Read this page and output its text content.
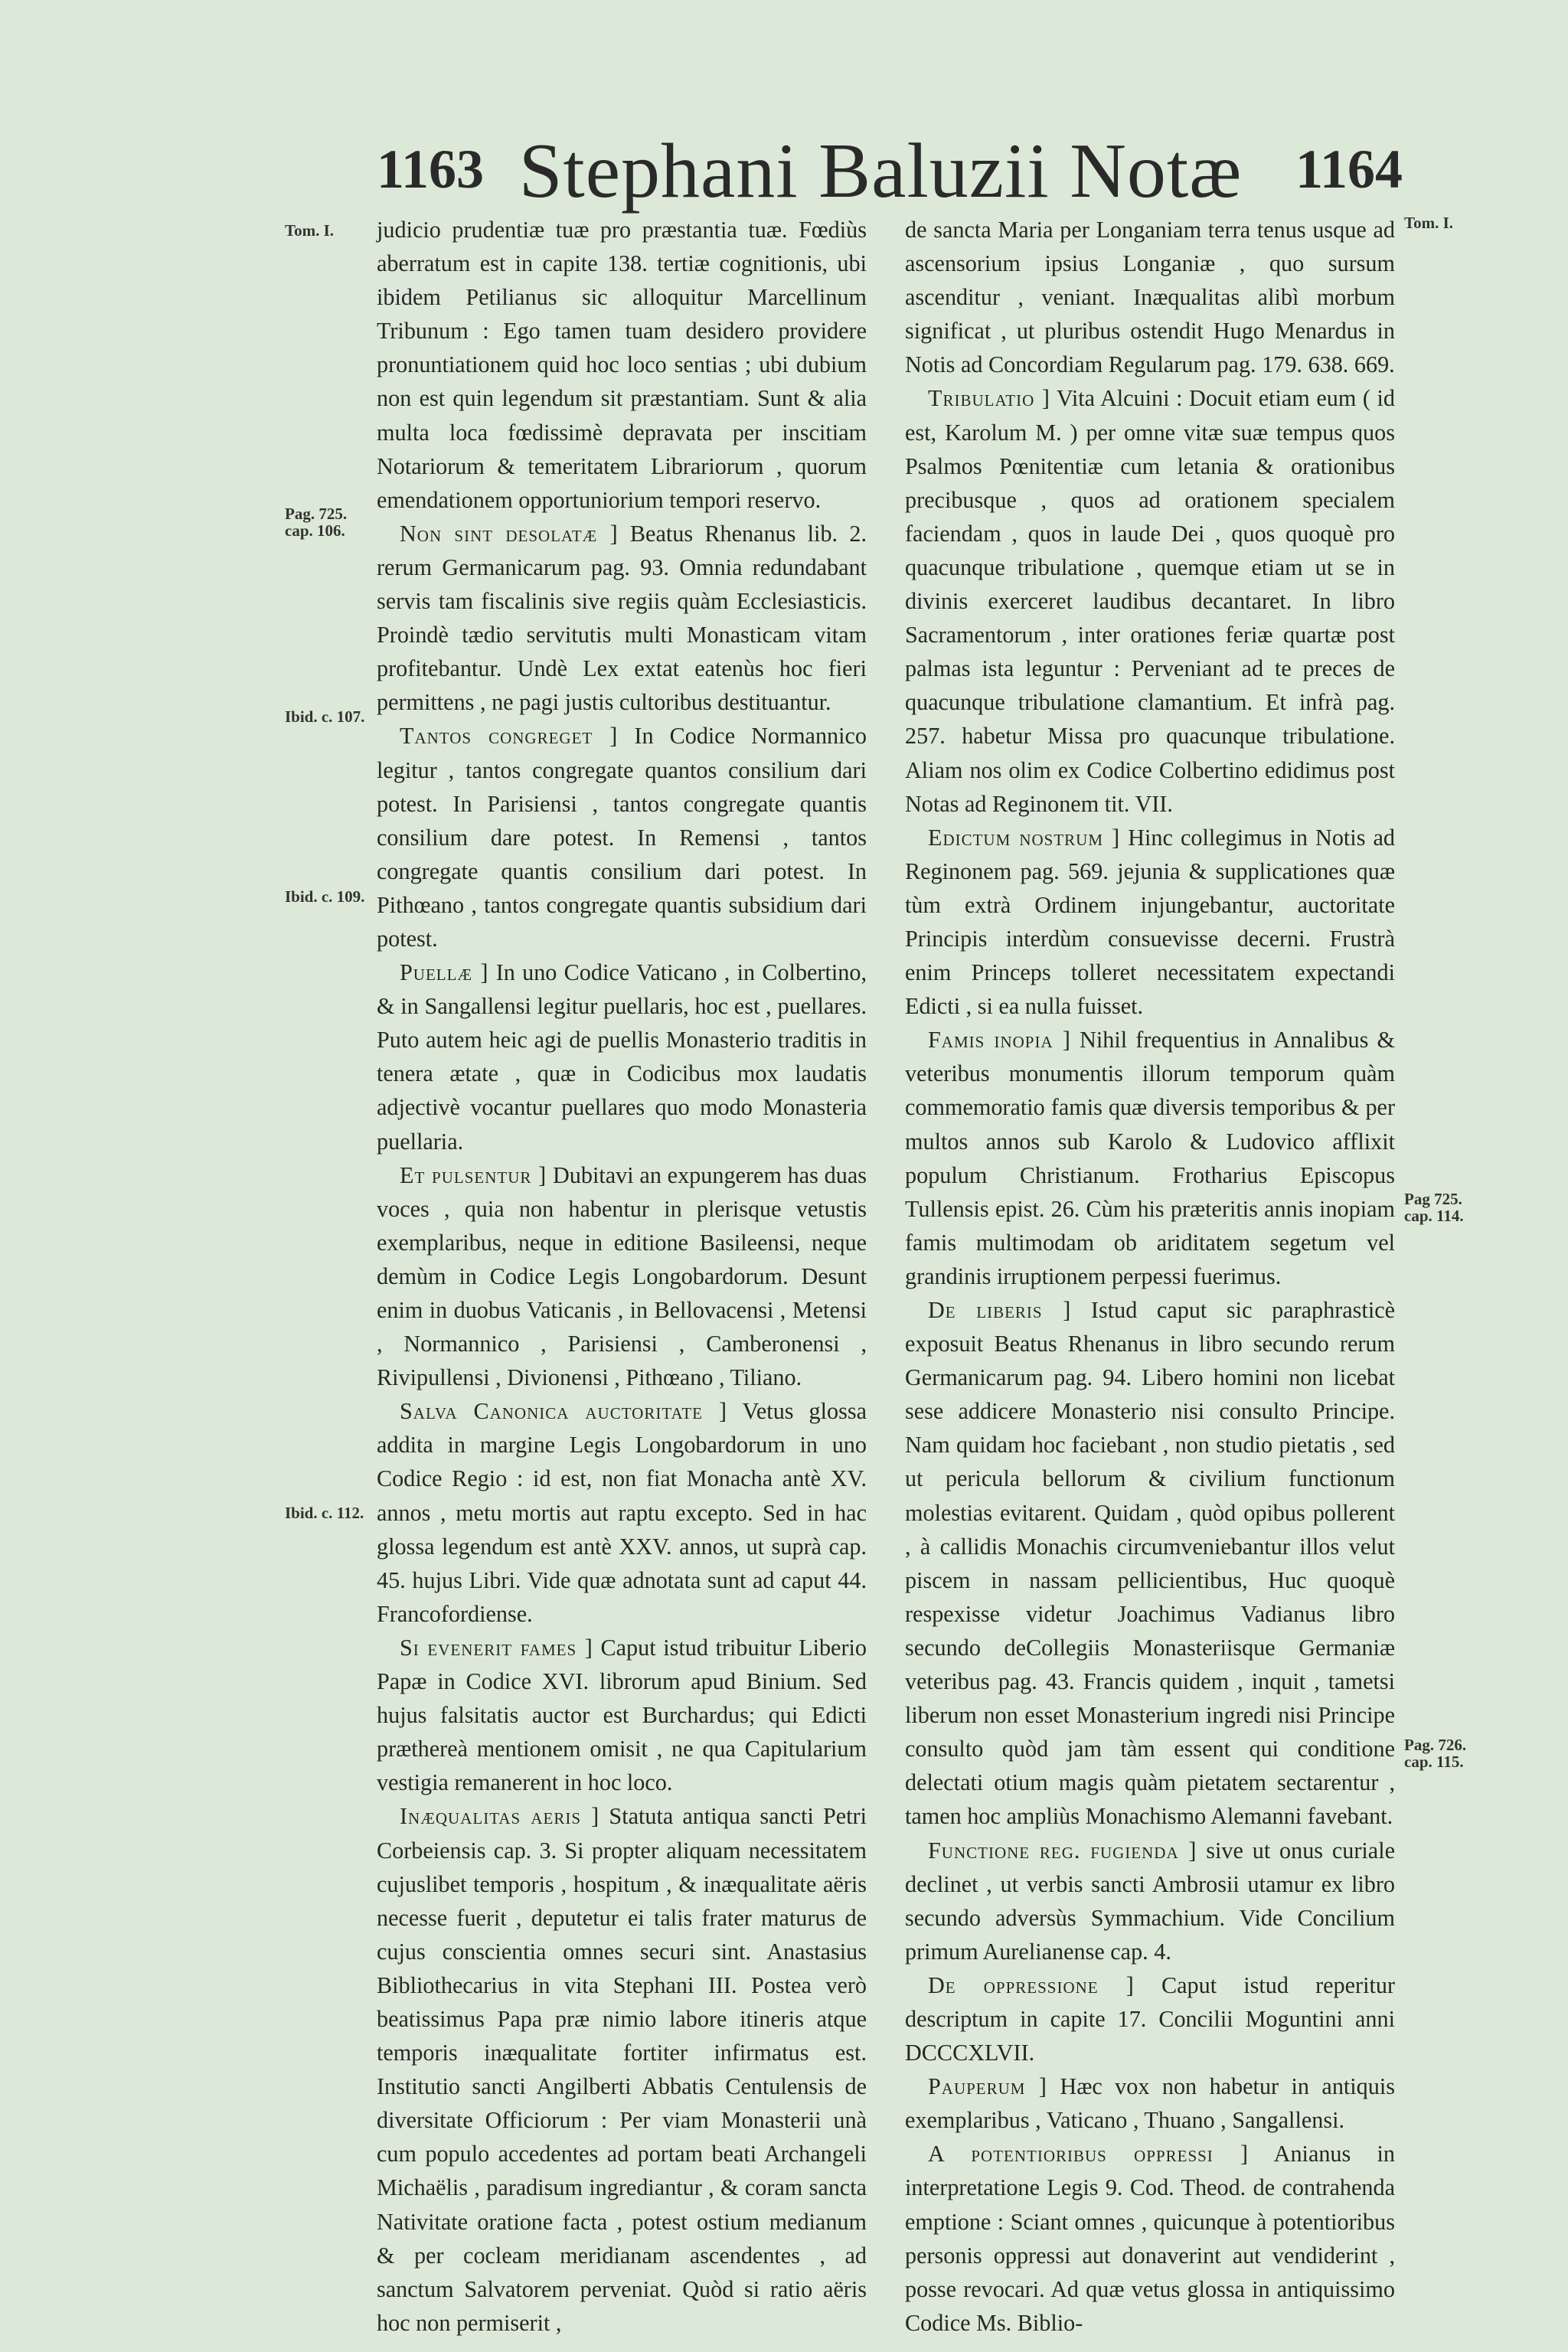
1163 Stephani Baluzii Notæ 1164
Tom. I.
Pag. 725. cap. 106.
Ibid. c. 107.
Ibid. c. 109.
Ibid. c. 112.
Tom. I.
Pag 725. cap. 114.
Pag. 726. cap. 115.

judicio prudentiæ tuæ pro præstantia tuæ. Fœdiùs aberratum est in capite 138. tertiæ cognitionis, ubi ibidem Petilianus sic alloquitur Marcellinum Tribunum : Ego tamen tuam desidero providere pronuntiationem quid hoc loco sentias ; ubi dubium non est quin legendum sit præstantiam. Sunt & alia multa loca fœdissimè depravata per inscitiam Notariorum & temeritatem Librariorum , quorum emendationem opportuniorium tempori reservo.

Non sint desolatæ ] Beatus Rhenanus lib. 2. rerum Germanicarum pag. 93. Omnia redundabant servis tam fiscalinis sive regiis quàm Ecclesiasticis. Proindè tædio servitutis multi Monasticam vitam profitebantur. Undè Lex extat eatenùs hoc fieri permittens , ne pagi justis cultoribus destituantur.

Tantos congreget ] In Codice Normannico legitur , tantos congregate quantos consilium dari potest. In Parisiensi , tantos congregate quantis consilium dare potest. In Remensi , tantos congregate quantis consilium dari potest. In Pithœano , tantos congregate quantis subsidium dari potest.

Puellæ ] In uno Codice Vaticano , in Colbertino, & in Sangallensi legitur puellaris, hoc est , puellares. Puto autem heic agi de puellis Monasterio traditis in tenera ætate , quæ in Codicibus mox laudatis adjectivè vocantur puellares quo modo Monasteria puellaria.

Et pulsentur ] Dubitavi an expungerem has duas voces , quia non habentur in plerisque vetustis exemplaribus, neque in editione Basileensi, neque demùm in Codice Legis Longobardorum. Desunt enim in duobus Vaticanis , in Bellovacensi , Metensi , Normannico , Parisiensi , Camberonensi , Rivipullensi , Divionensi , Pithœano , Tiliano.

Salva Canonica auctoritate ] Vetus glossa addita in margine Legis Longobardorum in uno Codice Regio : id est, non fiat Monacha antè XV. annos , metu mortis aut raptu excepto. Sed in hac glossa legendum est antè XXV. annos, ut suprà cap. 45. hujus Libri. Vide quæ adnotata sunt ad caput 44. Francofordiense.

Si evenerit fames ] Caput istud tribuitur Liberio Papæ in Codice XVI. librorum apud Binium. Sed hujus falsitatis auctor est Burchardus; qui Edicti præthereà mentionem omisit , ne qua Capitularium vestigia remanerent in hoc loco.

Inæqualitas aeris ] Statuta antiqua sancti Petri Corbeiensis cap. 3. Si propter aliquam necessitatem cujuslibet temporis , hospitum , & inæqualitate aëris necesse fuerit , deputetur ei talis frater maturus de cujus conscientia omnes securi sint. Anastasius Bibliothecarius in vita Stephani III. Postea verò beatissimus Papa præ nimio labore itineris atque temporis inæqualitate fortiter infirmatus est. Institutio sancti Angilberti Abbatis Centulensis de diversitate Officiorum : Per viam Monasterii unà cum populo accedentes ad portam beati Archangeli Michaëlis , paradisum ingrediantur , & coram sancta Nativitate oratione facta , potest ostium medianum & per cocleam meridianam ascendentes , ad sanctum Salvatorem perveniat. Quòd si ratio aëris hoc non permiserit ,

de sancta Maria per Longaniam terra tenus usque ad ascensorium ipsius Longaniæ , quo sursum ascenditur , veniant. Inæqualitas alibì morbum significat , ut pluribus ostendit Hugo Menardus in Notis ad Concordiam Regularum pag. 179. 638. 669.

Tribulatio ] Vita Alcuini : Docuit etiam eum ( id est, Karolum M. ) per omne vitæ suæ tempus quos Psalmos Pœnitentiæ cum letania & orationibus precibusque , quos ad orationem specialem faciendam , quos in laude Dei , quos quoquè pro quacunque tribulatione , quemque etiam ut se in divinis exerceret laudibus decantaret. In libro Sacramentorum , inter orationes feriæ quartæ post palmas ista leguntur : Perveniant ad te preces de quacunque tribulatione clamantium. Et infrà pag. 257. habetur Missa pro quacunque tribulatione. Aliam nos olim ex Codice Colbertino edidimus post Notas ad Reginonem tit. VII.

Edictum nostrum ] Hinc collegimus in Notis ad Reginonem pag. 569. jejunia & supplicationes quæ tùm extrà Ordinem injungebantur, auctoritate Principis interdùm consuevisse decerni. Frustrà enim Princeps tolleret necessitatem expectandi Edicti , si ea nulla fuisset.

Famis inopia ] Nihil frequentius in Annalibus & veteribus monumentis illorum temporum quàm commemoratio famis quæ diversis temporibus & per multos annos sub Karolo & Ludovico afflixit populum Christianum. Frotharius Episcopus Tullensis epist. 26. Cùm his præteritis annis inopiam famis multimodam ob ariditatem segetum vel grandinis irruptionem perpessi fuerimus.

De liberis ] Istud caput sic paraphrasticè exposuit Beatus Rhenanus in libro secundo rerum Germanicarum pag. 94. Libero homini non licebat sese addicere Monasterio nisi consulto Principe. Nam quidam hoc faciebant , non studio pietatis , sed ut pericula bellorum & civilium functionum molestias evitarent. Quidam , quòd opibus pollerent , à callidis Monachis circumveniebantur illos velut piscem in nassam pellicientibus, Huc quoquè respexisse videtur Joachimus Vadianus libro secundo deCollegiis Monasteriisque Germaniæ veteribus pag. 43. Francis quidem , inquit , tametsi liberum non esset Monasterium ingredi nisi Principe consulto quòd jam tàm essent qui conditione delectati otium magis quàm pietatem sectarentur , tamen hoc ampliùs Monachismo Alemanni favebant.

Functione reg. fugienda ] sive ut onus curiale declinet , ut verbis sancti Ambrosii utamur ex libro secundo adversùs Symmachium. Vide Concilium primum Aurelianense cap. 4.

De oppressione ] Caput istud reperitur descriptum in capite 17. Concilii Moguntini anni DCCCXLVII.

Pauperum ] Hæc vox non habetur in antiquis exemplaribus , Vaticano , Thuano , Sangallensi.

A potentioribus oppressi ] Anianus in interpretatione Legis 9. Cod. Theod. de contrahenda emptione : Sciant omnes , quicunque à potentioribus personis oppressi aut donaverint aut vendiderint , posse revocari. Ad quæ vetus glossa in antiquissimo Codice Ms. Biblio-
